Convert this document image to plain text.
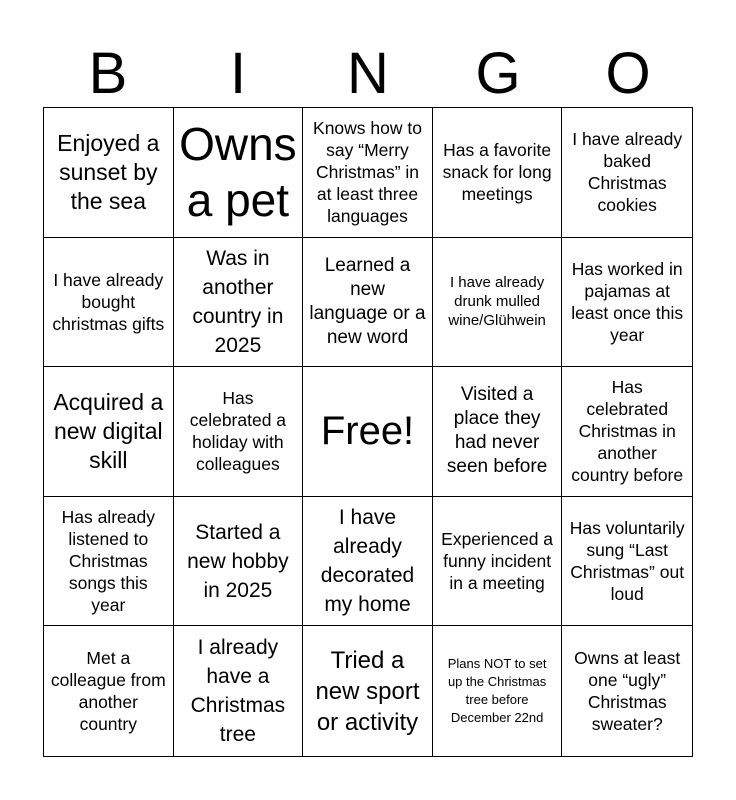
B	I	N	G	O
Enjoyed a sunset by the sea
Owns a pet
Knows how to say “Merry Christmas” in at least three languages
Has a favorite snack for long meetings
I have already baked Christmas cookies
I have already bought christmas gifts
Was in another country in 2025
Learned a new language or a new word
I have already drunk mulled wine/Glühwein
Has worked in pajamas at least once this year
Acquired a new digital skill
Has celebrated a holiday with colleagues
Free!
Visited a place they had never seen before
Has celebrated Christmas in another country before
Has already listened to Christmas songs this year
Started a new hobby in 2025
I have already decorated my home
Experienced a funny incident in a meeting
Has voluntarily sung “Last Christmas” out loud
Met a colleague from another country
I already have a Christmas tree
Tried a new sport or activity
Plans NOT to set up the Christmas tree before December 22nd
Owns at least one “ugly” Christmas sweater?
